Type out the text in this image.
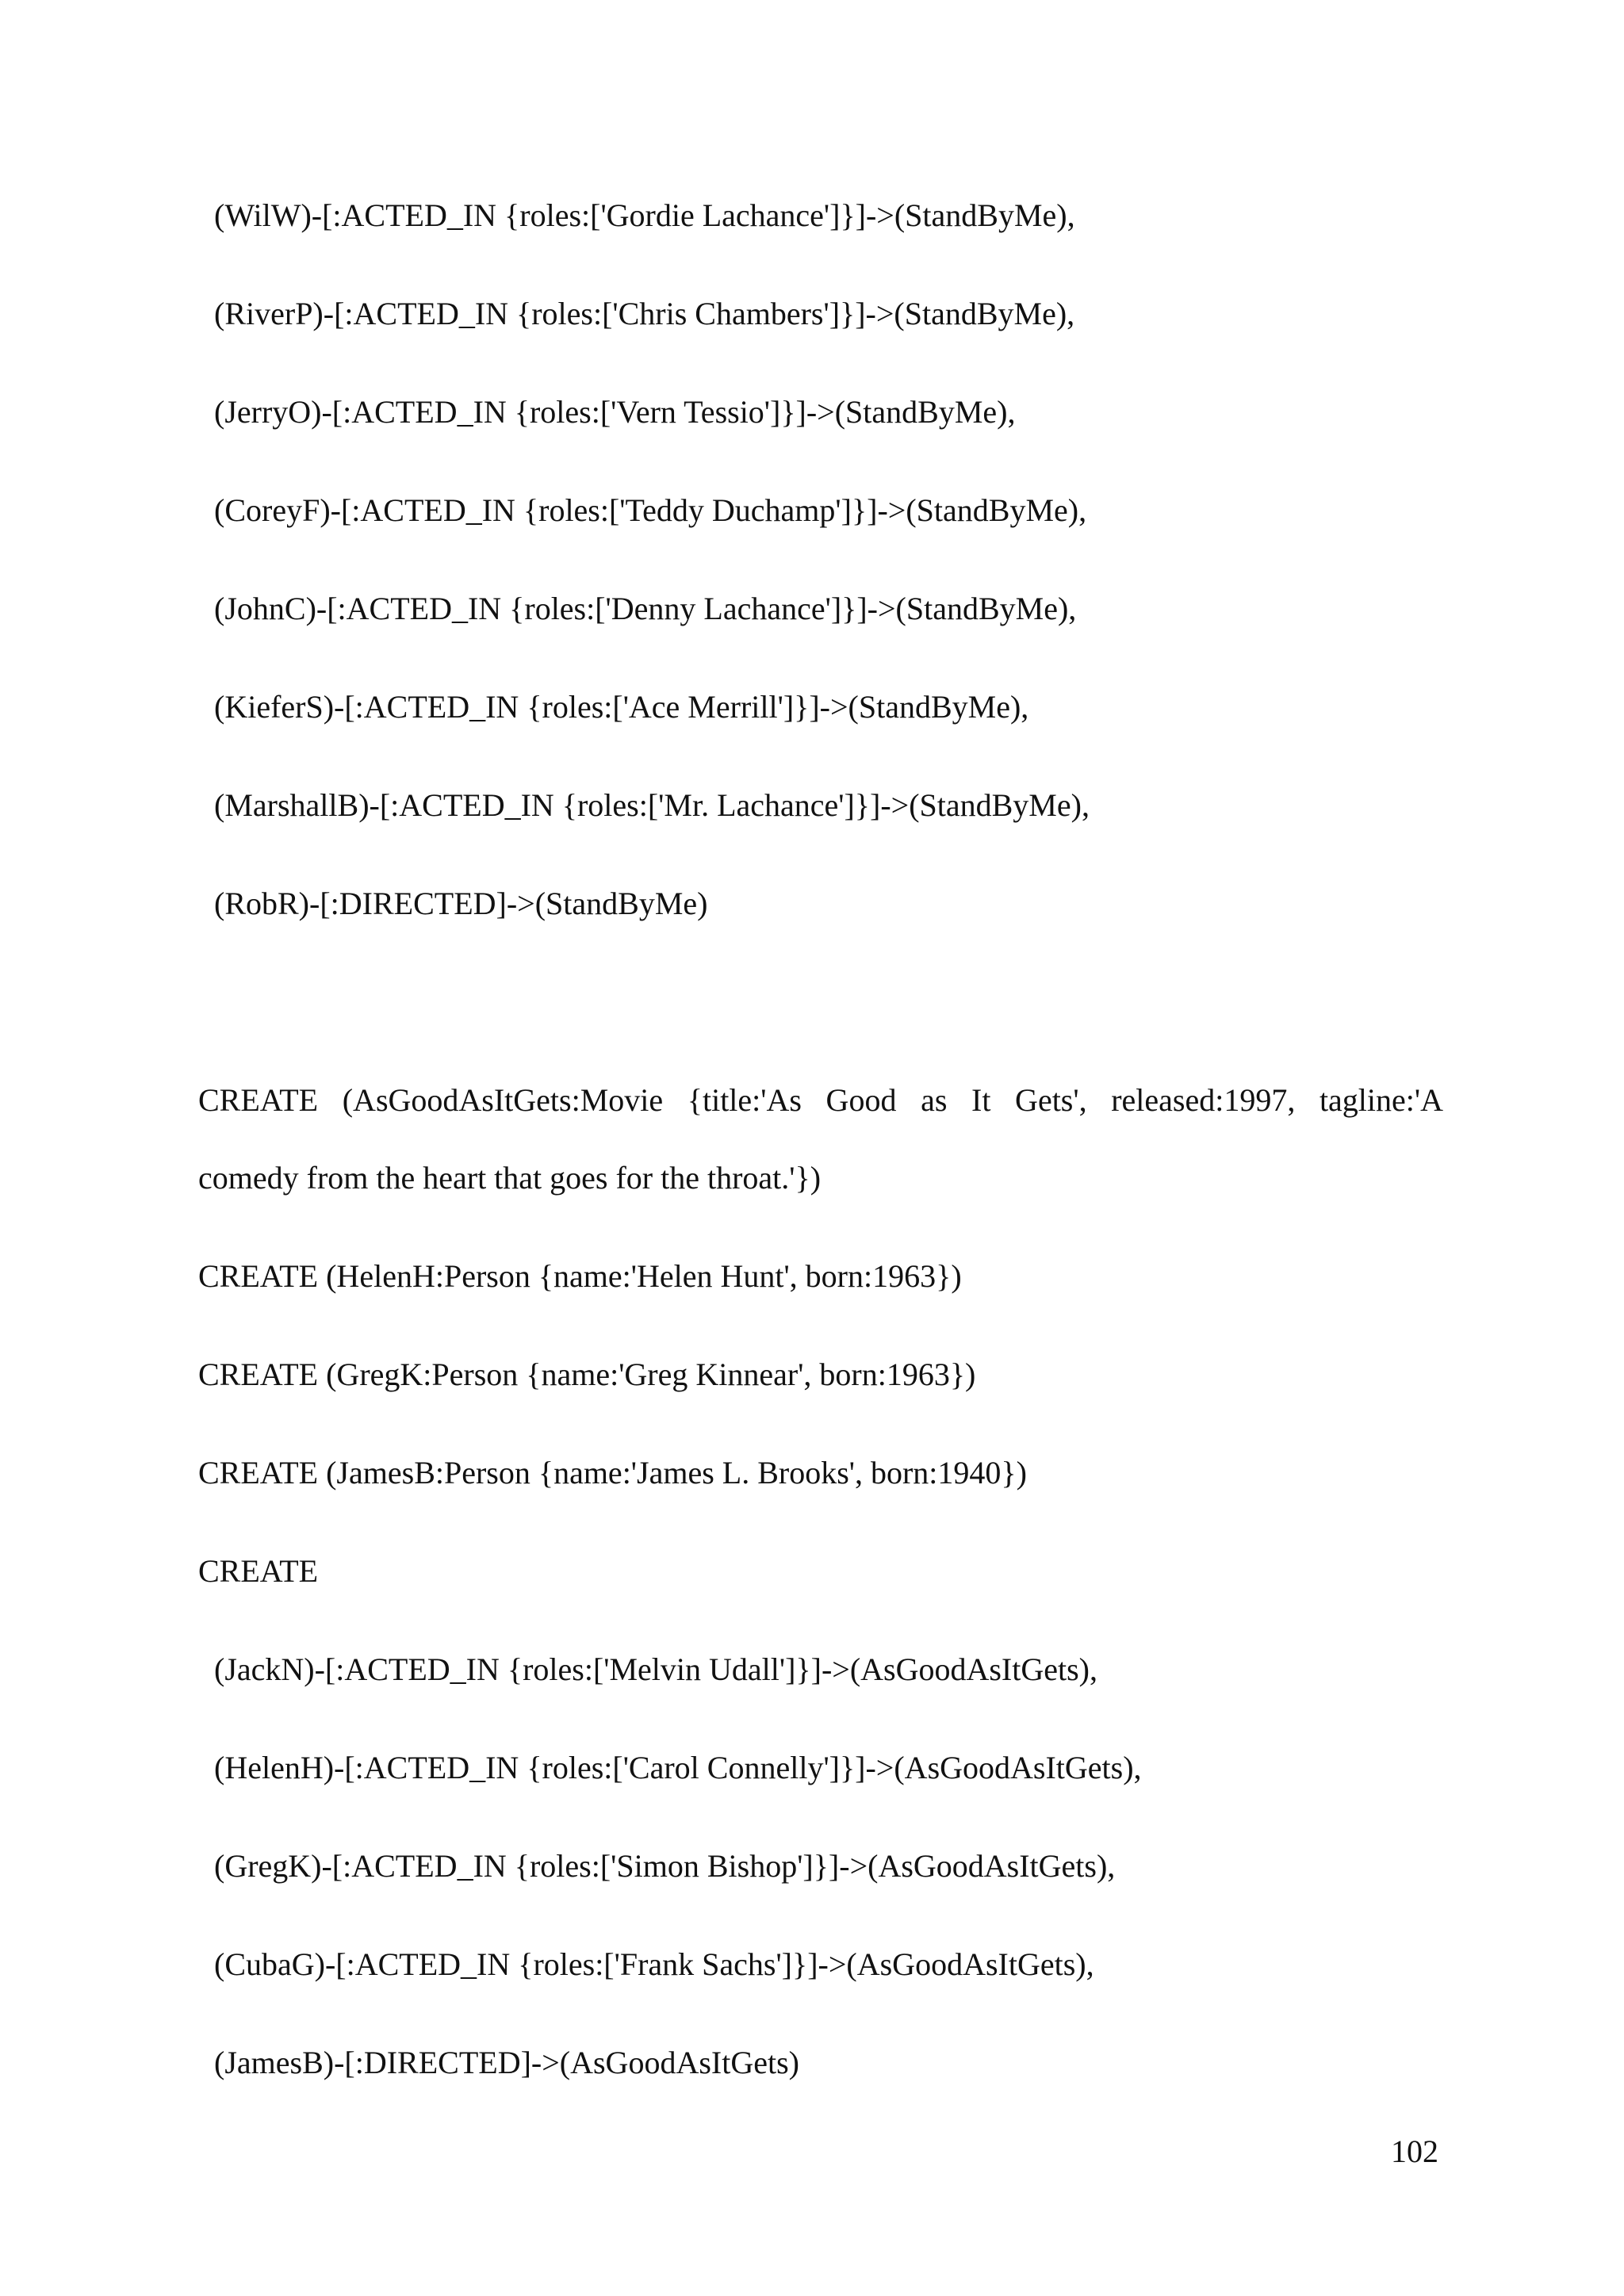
(WilW)-[:ACTED_IN {roles:['Gordie Lachance']}]->(StandByMe),
(RiverP)-[:ACTED_IN {roles:['Chris Chambers']}]->(StandByMe),
(JerryO)-[:ACTED_IN {roles:['Vern Tessio']}]->(StandByMe),
(CoreyF)-[:ACTED_IN {roles:['Teddy Duchamp']}]->(StandByMe),
(JohnC)-[:ACTED_IN {roles:['Denny Lachance']}]->(StandByMe),
(KieferS)-[:ACTED_IN {roles:['Ace Merrill']}]->(StandByMe),
(MarshallB)-[:ACTED_IN {roles:['Mr. Lachance']}]->(StandByMe),
(RobR)-[:DIRECTED]->(StandByMe)
CREATE (AsGoodAsItGets:Movie {title:'As Good as It Gets', released:1997, tagline:'A
comedy from the heart that goes for the throat.'})
CREATE (HelenH:Person {name:'Helen Hunt', born:1963})
CREATE (GregK:Person {name:'Greg Kinnear', born:1963})
CREATE (JamesB:Person {name:'James L. Brooks', born:1940})
CREATE
(JackN)-[:ACTED_IN {roles:['Melvin Udall']}]->(AsGoodAsItGets),
(HelenH)-[:ACTED_IN {roles:['Carol Connelly']}]->(AsGoodAsItGets),
(GregK)-[:ACTED_IN {roles:['Simon Bishop']}]->(AsGoodAsItGets),
(CubaG)-[:ACTED_IN {roles:['Frank Sachs']}]->(AsGoodAsItGets),
(JamesB)-[:DIRECTED]->(AsGoodAsItGets)
102
